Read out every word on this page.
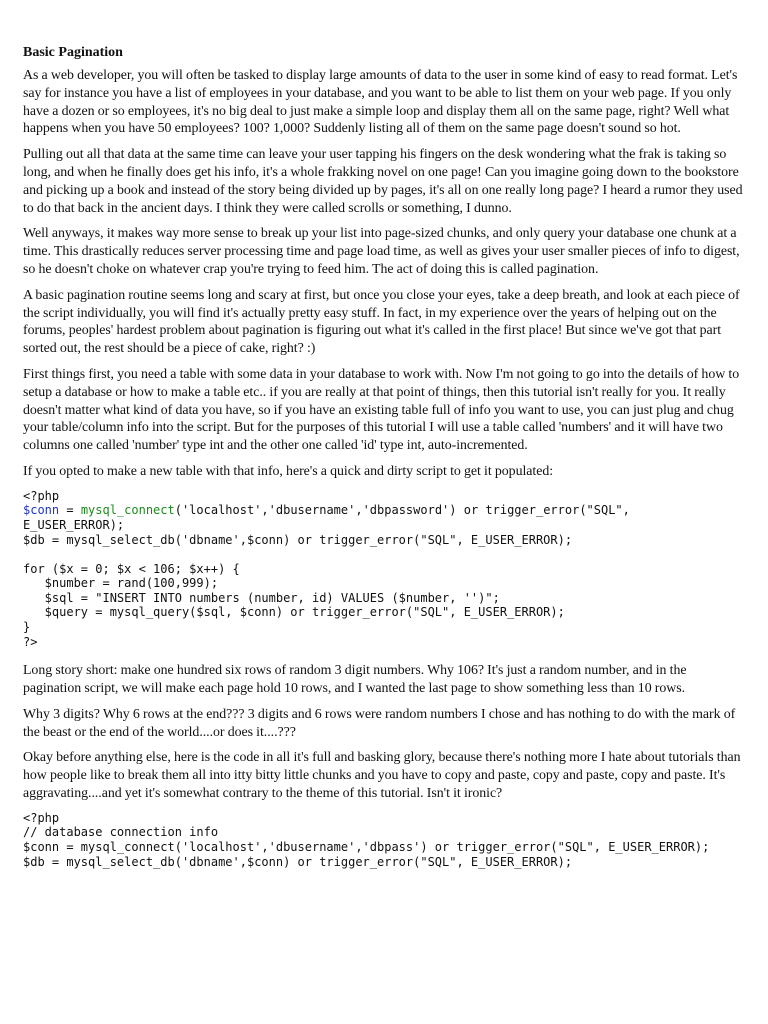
Basic Pagination

As a web developer, you will often be tasked to display large amounts of data to the user in some kind of easy to read format. Let's say for instance you have a list of employees in your database, and you want to be able to list them on your web page. If you only have a dozen or so employees, it's no big deal to just make a simple loop and display them all on the same page, right? Well what happens when you have 50 employees? 100? 1,000? Suddenly listing all of them on the same page doesn't sound so hot.

Pulling out all that data at the same time can leave your user tapping his fingers on the desk wondering what the frak is taking so long, and when he finally does get his info, it's a whole frakking novel on one page! Can you imagine going down to the bookstore and picking up a book and instead of the story being divided up by pages, it's all on one really long page? I heard a rumor they used to do that back in the ancient days. I think they were called scrolls or something, I dunno.

Well anyways, it makes way more sense to break up your list into page-sized chunks, and only query your database one chunk at a time. This drastically reduces server processing time and page load time, as well as gives your user smaller pieces of info to digest, so he doesn't choke on whatever crap you're trying to feed him. The act of doing this is called pagination.

A basic pagination routine seems long and scary at first, but once you close your eyes, take a deep breath, and look at each piece of the script individually, you will find it's actually pretty easy stuff. In fact, in my experience over the years of helping out on the forums, peoples' hardest problem about pagination is figuring out what it's called in the first place! But since we've got that part sorted out, the rest should be a piece of cake, right? :)

First things first, you need a table with some data in your database to work with. Now I'm not going to go into the details of how to setup a database or how to make a table etc.. if you are really at that point of things, then this tutorial isn't really for you. It really doesn't matter what kind of data you have, so if you have an existing table full of info you want to use, you can just plug and chug your table/column info into the script. But for the purposes of this tutorial I will use a table called 'numbers' and it will have two columns one called 'number' type int and the other one called 'id' type int, auto-incremented.

If you opted to make a new table with that info, here's a quick and dirty script to get it populated:

<?php
$conn = mysql_connect('localhost','dbusername','dbpassword') or trigger_error("SQL",
E_USER_ERROR);
$db = mysql_select_db('dbname',$conn) or trigger_error("SQL", E_USER_ERROR);

for ($x = 0; $x < 106; $x++) {
$number = rand(100,999);
$sql = "INSERT INTO numbers (number, id) VALUES ($number, '')";
$query = mysql_query($sql, $conn) or trigger_error("SQL", E_USER_ERROR);
}
?>

Long story short: make one hundred six rows of random 3 digit numbers. Why 106? It's just a random number, and in the pagination script, we will make each page hold 10 rows, and I wanted the last page to show something less than 10 rows.

Why 3 digits? Why 6 rows at the end??? 3 digits and 6 rows were random numbers I chose and has nothing to do with the mark of the beast or the end of the world....or does it....???

Okay before anything else, here is the code in all it's full and basking glory, because there's nothing more I hate about tutorials than how people like to break them all into itty bitty little chunks and you have to copy and paste, copy and paste, copy and paste. It's aggravating....and yet it's somewhat contrary to the theme of this tutorial. Isn't it ironic?

<?php
// database connection info
$conn = mysql_connect('localhost','dbusername','dbpass') or trigger_error("SQL", E_USER_ERROR);
$db = mysql_select_db('dbname',$conn) or trigger_error("SQL", E_USER_ERROR);
